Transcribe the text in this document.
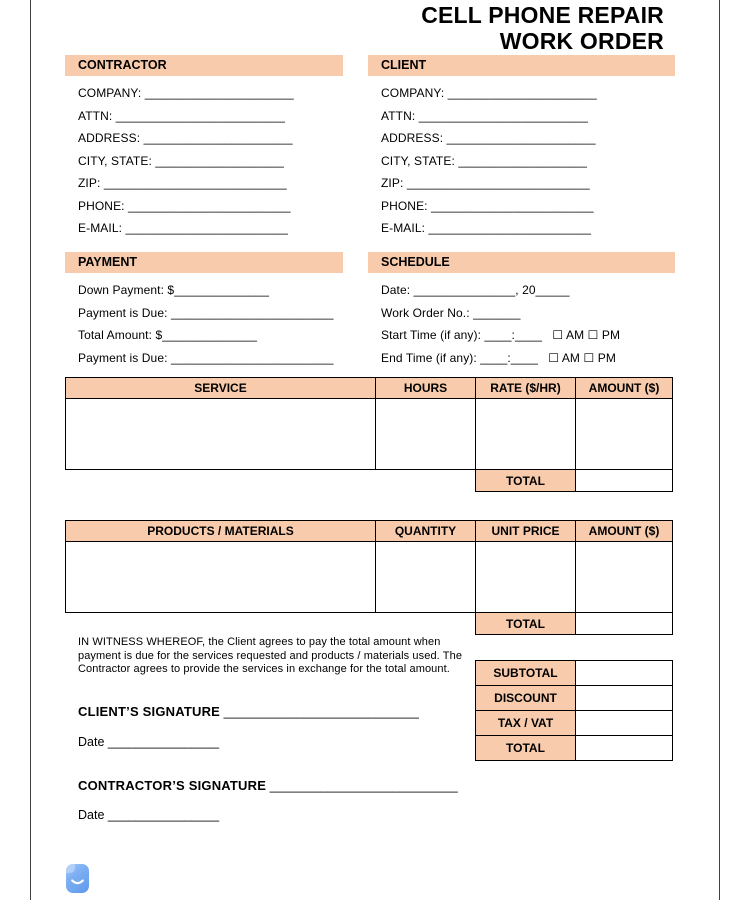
CELL PHONE REPAIR
WORK ORDER
CONTRACTOR
COMPANY: ______________________
ATTN: _________________________
ADDRESS: ______________________
CITY, STATE: ___________________
ZIP: ___________________________
PHONE: ________________________
E-MAIL: ________________________
CLIENT
COMPANY: ______________________
ATTN: _________________________
ADDRESS: ______________________
CITY, STATE: ___________________
ZIP: ___________________________
PHONE: ________________________
E-MAIL: ________________________
PAYMENT
Down Payment: $______________
Payment is Due: ________________________
Total Amount: $______________
Payment is Due: ________________________
SCHEDULE
Date: _______________, 20_____
Work Order No.: _______
Start Time (if any): ____:____   ☐ AM ☐ PM
End Time (if any): ____:____   ☐ AM ☐ PM
SERVICE	HOURS	RATE ($/HR)	AMOUNT ($)

		TOTAL	
PRODUCTS / MATERIALS	QUANTITY	UNIT PRICE	AMOUNT ($)

		TOTAL	
IN WITNESS WHEREOF, the Client agrees to pay the total amount when payment is due for the services requested and products / materials used. The Contractor agrees to provide the services in exchange for the total amount.	SUBTOTAL	
DISCOUNT	
TAX / VAT	
TOTAL	
CLIENT’S SIGNATURE ___________________________
Date ________________
CONTRACTOR’S SIGNATURE __________________________
Date ________________
